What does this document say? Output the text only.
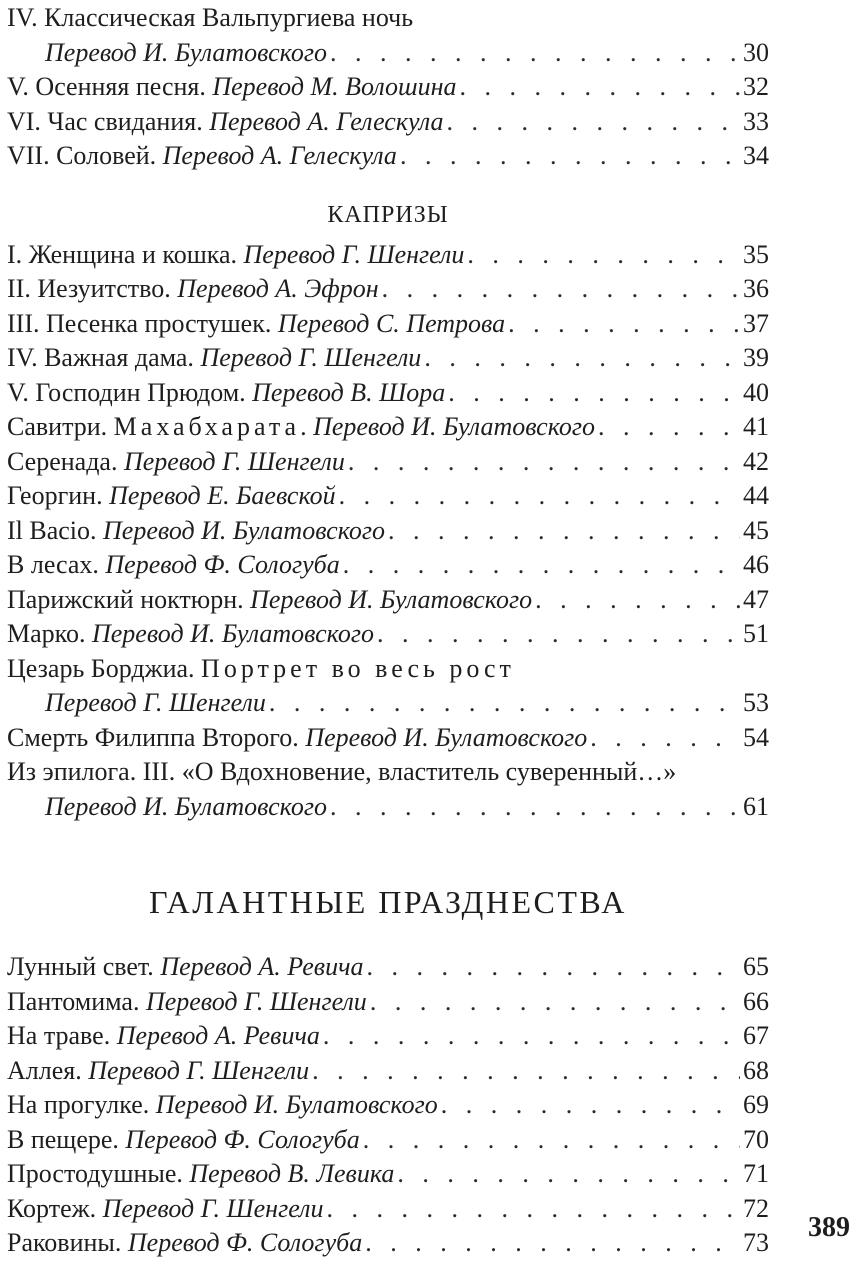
IV. Классическая Вальпургиева ночь
Перевод И. Булатовского . . .	30
V. Осенняя песня. Перевод М. Волошина . . .	32
VI. Час свидания. Перевод А. Гелескула . . .	33
VII. Соловей. Перевод А. Гелескула . . .	34
КАПРИЗЫ
I. Женщина и кошка. Перевод Г. Шенгели . . .	35
II. Иезуитство. Перевод А. Эфрон . . .	36
III. Песенка простушек. Перевод С. Петрова . . .	37
IV. Важная дама. Перевод Г. Шенгели . . .	39
V. Господин Прюдом. Перевод В. Шора . . .	40
Савитри. Махабхарата. Перевод И. Булатовского . . .	41
Серенада. Перевод Г. Шенгели . . .	42
Георгин. Перевод Е. Баевской . . .	44
Il Bacio. Перевод И. Булатовского . . .	45
В лесах. Перевод Ф. Сологуба . . .	46
Парижский ноктюрн. Перевод И. Булатовского . . .	47
Марко. Перевод И. Булатовского . . .	51
Цезарь Борджиа. Портрет во весь рост
Перевод Г. Шенгели . . .	53
Смерть Филиппа Второго. Перевод И. Булатовского . . .	54
Из эпилога. III. «О Вдохновение, властитель суверенный…»
Перевод И. Булатовского . . .	61
ГАЛАНТНЫЕ ПРАЗДНЕСТВА
Лунный свет. Перевод А. Ревича . . .	65
Пантомима. Перевод Г. Шенгели . . .	66
На траве. Перевод А. Ревича . . .	67
Аллея. Перевод Г. Шенгели . . .	68
На прогулке. Перевод И. Булатовского . . .	69
В пещере. Перевод Ф. Сологуба . . .	70
Простодушные. Перевод В. Левика . . .	71
Кортеж. Перевод Г. Шенгели . . .	72
Раковины. Перевод Ф. Сологуба . . .	73 389
